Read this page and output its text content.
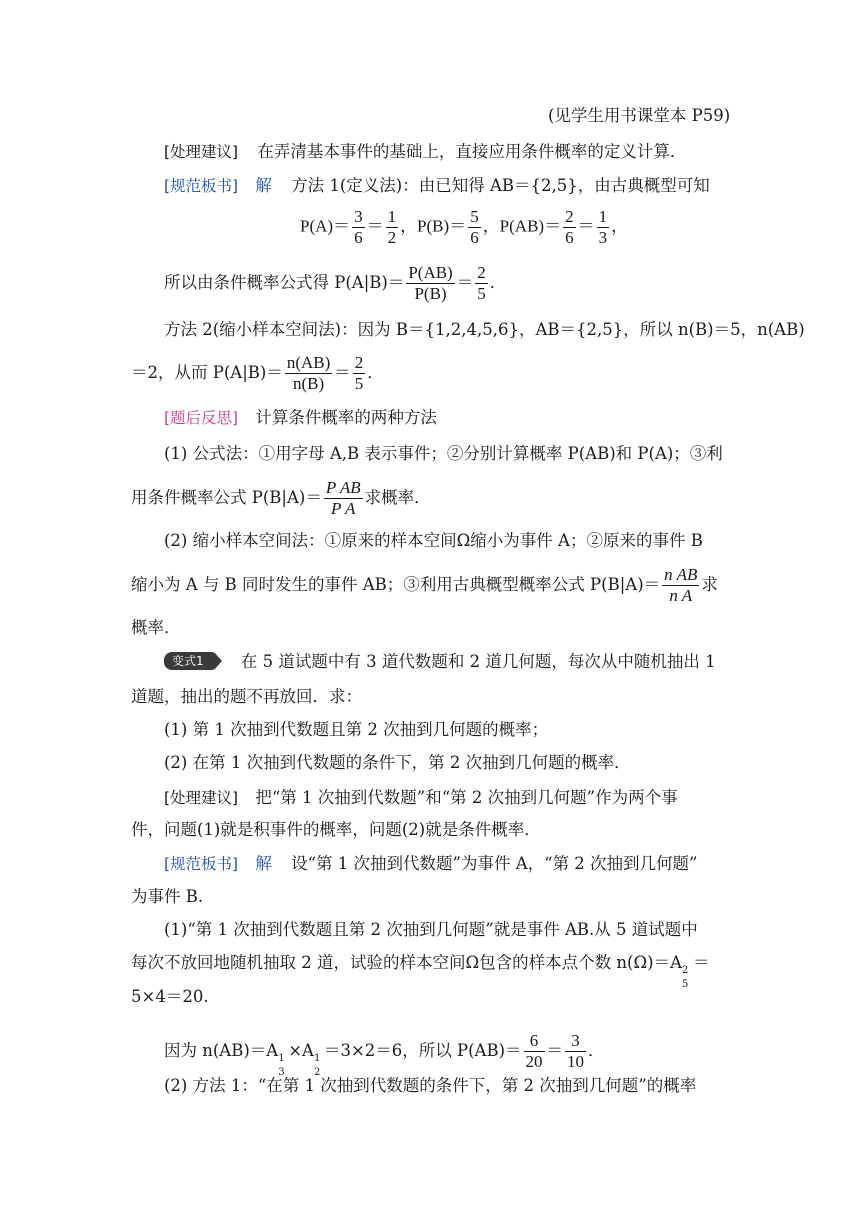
(见学生用书课堂本 P59)
[处理建议] 在弄清基本事件的基础上，直接应用条件概率的定义计算．
[规范板书] 解 方法 1(定义法)：由已知得 AB＝{2,5}，由古典概型可知
$P(A)= \frac{3}{6} = \frac{1}{2}$ ，$P(B)= \frac{5}{6}$ ，$P(AB)= \frac{2}{6} = \frac{1}{3}$ ，
所以由条件概率公式得 $P(A|B)= \frac{P(AB)}{P(B)} = \frac{2}{5}$ ．
方法 2(缩小样本空间法)：因为 B＝{1,2,4,5,6}，AB＝{2,5}，所以 n(B)＝5，n(AB)
＝2，从而 $P(A|B)= \frac{n(AB)}{n(B)} = \frac{2}{5}$ ．
[题后反思] 计算条件概率的两种方法
(1) 公式法：①用字母 A,B 表示事件；②分别计算概率 P(AB)和 P(A)；③利
用条件概率公式 $P(B|A)= \frac{\text{P AB}}{\text{P A}}$ 求概率．
(2) 缩小样本空间法：①原来的样本空间Ω缩小为事件 A；②原来的事件 B
缩小为 A 与 B 同时发生的事件 AB；③利用古典概型概率公式 $P(B|A)= \frac{\text{n AB}}{\text{n A}}$ 求
概率．
变式1 在 5 道试题中有 3 道代数题和 2 道几何题，每次从中随机抽出 1
道题，抽出的题不再放回．求：
(1) 第 1 次抽到代数题且第 2 次抽到几何题的概率；
(2) 在第 1 次抽到代数题的条件下，第 2 次抽到几何题的概率．
[处理建议] 把“第 1 次抽到代数题”和“第 2 次抽到几何题”作为两个事
件，问题(1)就是积事件的概率，问题(2)就是条件概率．
[规范板书] 解 设“第 1 次抽到代数题”为事件 A，“第 2 次抽到几何题”
为事件 B.
(1)“第 1 次抽到代数题且第 2 次抽到几何题”就是事件 AB.从 5 道试题中
每次不放回地随机抽取 2 道，试验的样本空间Ω包含的样本点个数 n(Ω)＝A 2
5
＝
5×4＝20.
因为 n(AB)＝A 1
3
×A 1
2
＝3×2＝6，所以 $P(AB)= \frac{6}{20} = \frac{3}{10}$ ．
(2) 方法 1：“在第 1 次抽到代数题的条件下，第 2 次抽到几何题”的概率
